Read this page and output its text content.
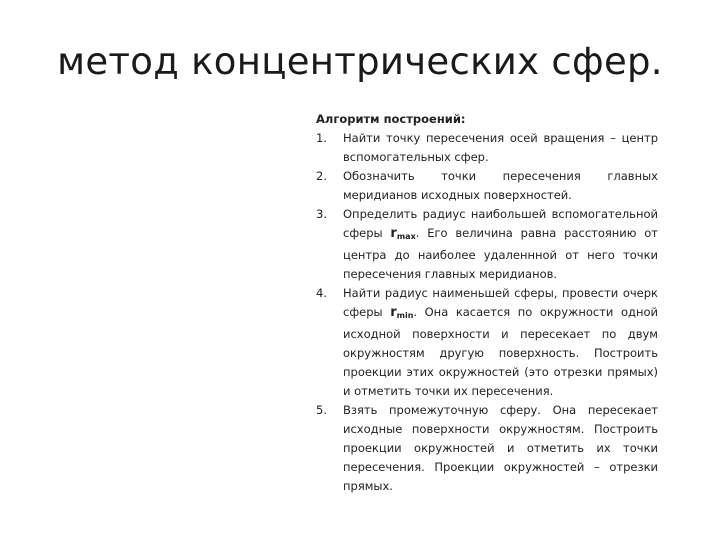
метод концентрических сфер.
Алгоритм построений:
1. Найти точку пересечения осей вращения – центр вспомогательных сфер.
2. Обозначить точки пересечения главных меридианов исходных поверхностей.
3. Определить радиус наибольшей вспомогательной сферы $r_{max}$. Его величина равна расстоянию от центра до наиболее удаленнной от него точки пересечения главных меридианов.
4. Найти радиус наименьшей сферы, провести очерк сферы $r_{min}$. Она касается по окружности одной исходной поверхности и пересекает по двум окружностям другую поверхность. Построить проекции этих окружностей (это отрезки прямых) и отметить точки их пересечения.
5. Взять промежуточную сферу. Она пересекает исходные поверхности окружностям. Построить проекции окружностей и отметить их точки пересечения. Проекции окружностей – отрезки прямых.
